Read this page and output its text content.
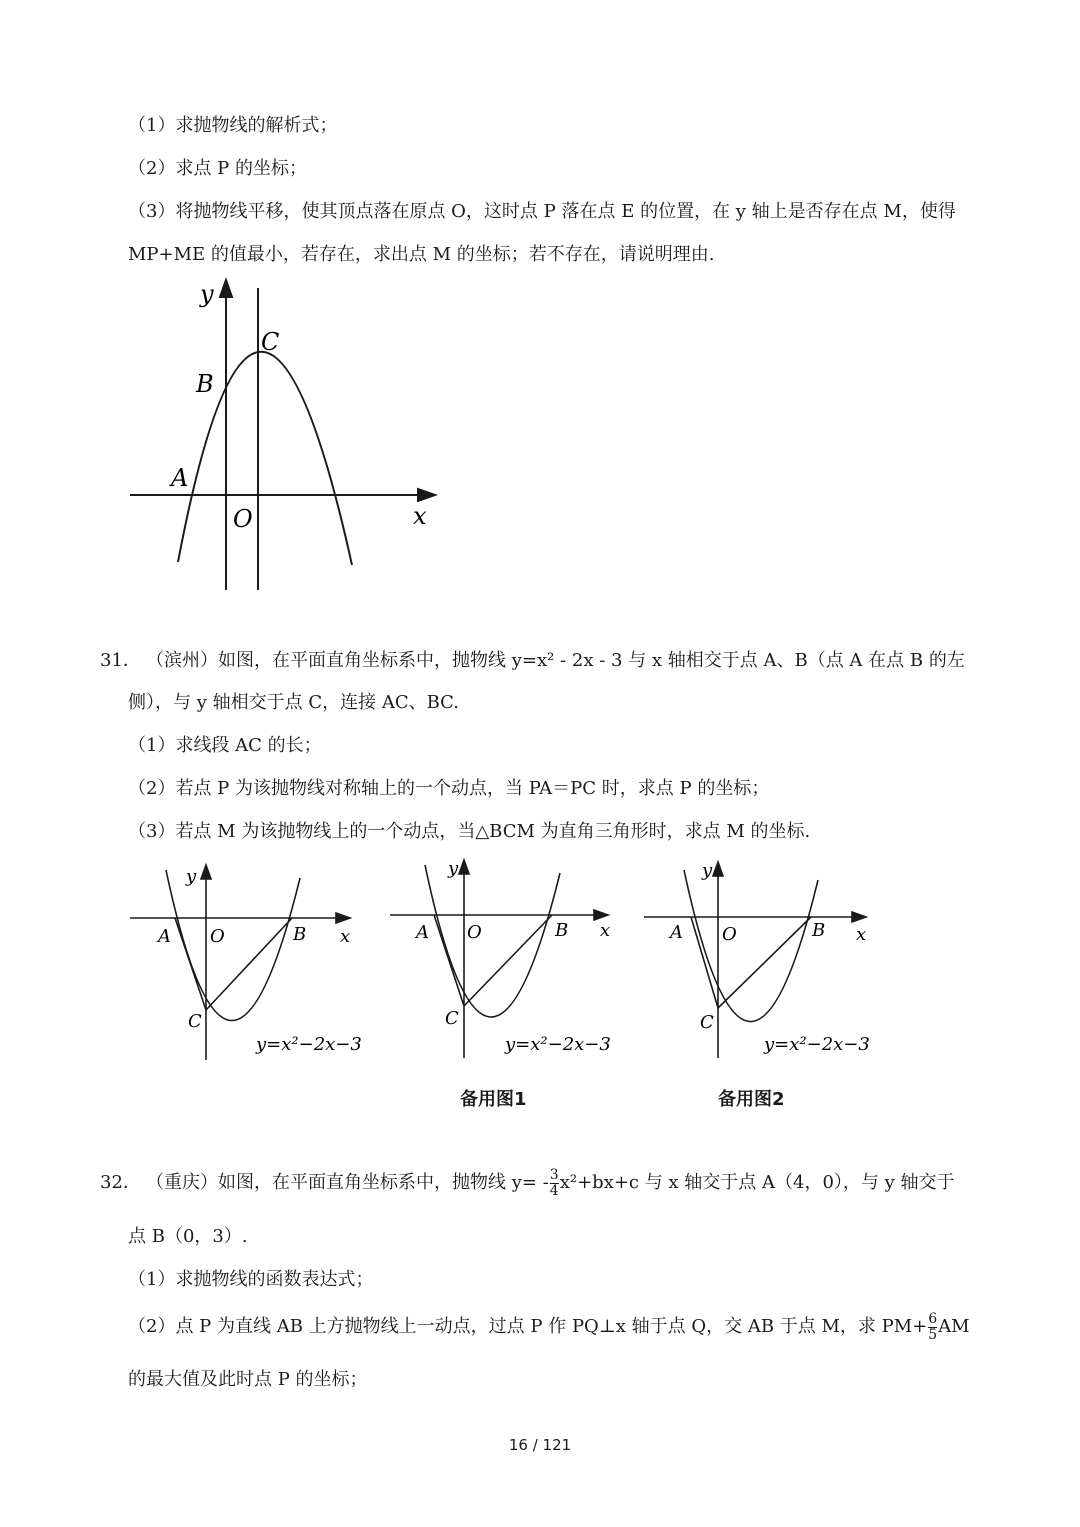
（1）求抛物线的解析式；
（2）求点 P 的坐标；
（3）将抛物线平移，使其顶点落在原点 O，这时点 P 落在点 E 的位置，在 y 轴上是否存在点 M，使得
MP+ME 的值最小，若存在，求出点 M 的坐标；若不存在，请说明理由.
y
x
O
A
B
C
31． （滨州）如图，在平面直角坐标系中，抛物线 y=x² - 2x - 3 与 x 轴相交于点 A、B（点 A 在点 B 的左
侧），与 y 轴相交于点 C，连接 AC、BC.
（1）求线段 AC 的长；
（2）若点 P 为该抛物线对称轴上的一个动点，当 PA＝PC 时，求点 P 的坐标；
（3）若点 M 为该抛物线上的一个动点，当△BCM 为直角三角形时，求点 M 的坐标.
y
x
A O	B
C
y=x²−2x−3
y
x
A O	B
C
y=x²−2x−3
y
x
A O	B
C
y=x²−2x−3
备用图1	备用图2
32． （重庆）如图，在平面直角坐标系中，抛物线 $y= - \frac{3}{4} x^2+bx+c$ 与 x 轴交于点 A（4，0），与 y 轴交于
点 B（0，3）.
（1）求抛物线的函数表达式；
（2）点 P 为直线 AB 上方抛物线上一动点，过点 P 作 PQ⊥x 轴于点 Q，交 AB 于点 M，求 $PM+ \frac{6}{5}$ AM
的最大值及此时点 P 的坐标；
16 / 121
